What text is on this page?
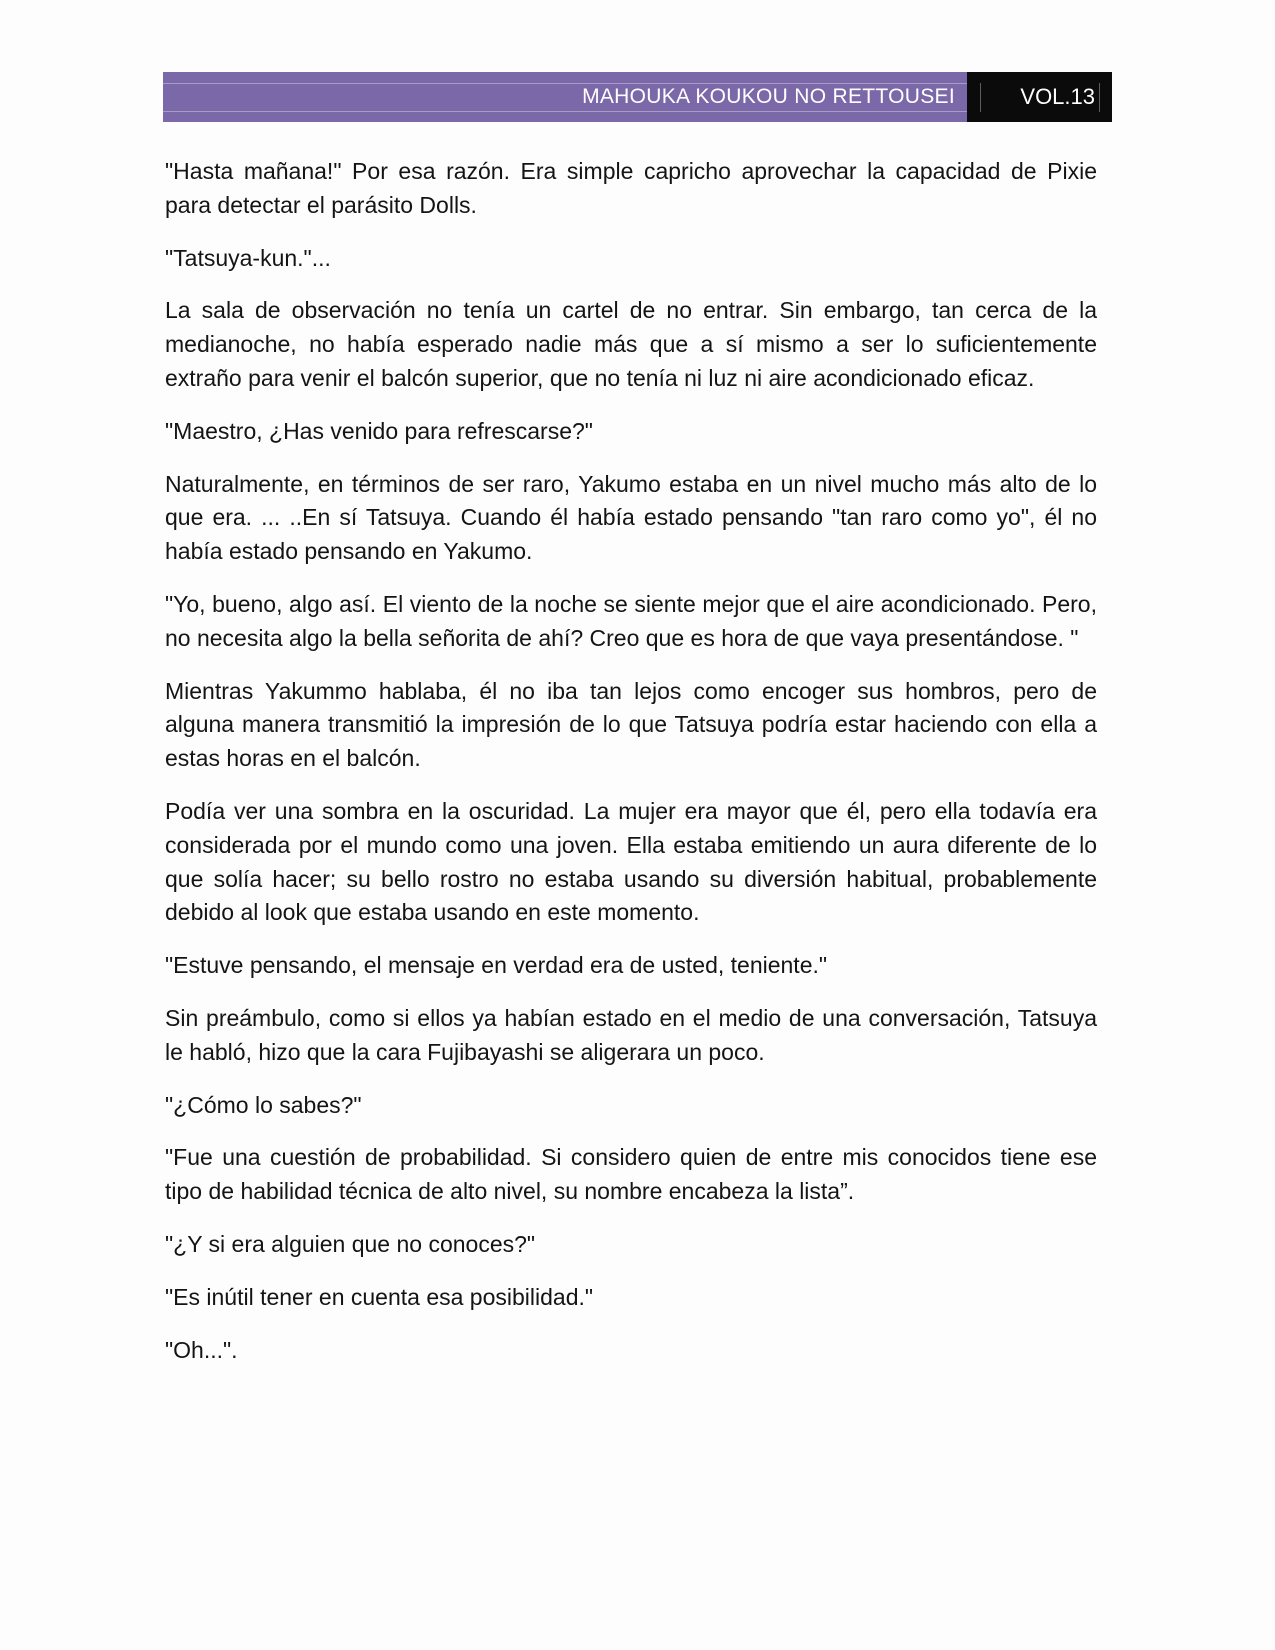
MAHOUKA KOUKOU NO RETTOUSEI	VOL.13

"Hasta mañana!" Por esa razón. Era simple capricho aprovechar la capacidad de Pixie para detectar el parásito Dolls.

"Tatsuya-kun."...

La sala de observación no tenía un cartel de no entrar. Sin embargo, tan cerca de la medianoche, no había esperado nadie más que a sí mismo a ser lo suficientemente extraño para venir el balcón superior, que no tenía ni luz ni aire acondicionado eficaz.

"Maestro, ¿Has venido para refrescarse?"

Naturalmente, en términos de ser raro, Yakumo estaba en un nivel mucho más alto de lo que era. ... ..En sí Tatsuya. Cuando él había estado pensando "tan raro como yo", él no había estado pensando en Yakumo.

"Yo, bueno, algo así. El viento de la noche se siente mejor que el aire acondicionado. Pero, no necesita algo la bella señorita de ahí? Creo que es hora de que vaya presentándose. "

Mientras Yakummo hablaba, él no iba tan lejos como encoger sus hombros, pero de alguna manera transmitió la impresión de lo que Tatsuya podría estar haciendo con ella a estas horas en el balcón.

Podía ver una sombra en la oscuridad. La mujer era mayor que él, pero ella todavía era considerada por el mundo como una joven. Ella estaba emitiendo un aura diferente de lo que solía hacer; su bello rostro no estaba usando su diversión habitual, probablemente debido al look que estaba usando en este momento.

"Estuve pensando, el mensaje en verdad era de usted, teniente."

Sin preámbulo, como si ellos ya habían estado en el medio de una conversación, Tatsuya le habló, hizo que la cara Fujibayashi se aligerara un poco.

"¿Cómo lo sabes?"

"Fue una cuestión de probabilidad. Si considero quien de entre mis conocidos tiene ese tipo de habilidad técnica de alto nivel, su nombre encabeza la lista”.

"¿Y si era alguien que no conoces?"

"Es inútil tener en cuenta esa posibilidad."

"Oh...".
